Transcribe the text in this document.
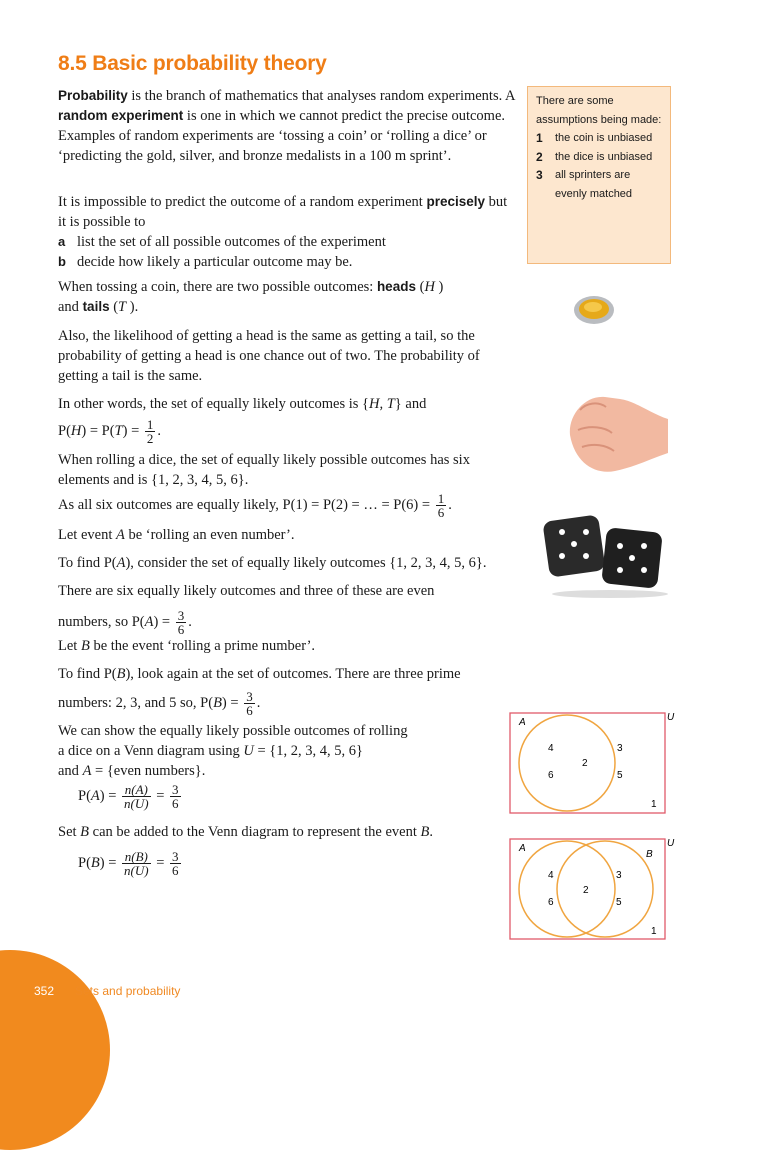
8.5 Basic probability theory

Probability is the branch of mathematics that analyses random experiments. A random experiment is one in which we cannot predict the precise outcome. Examples of random experiments are ‘tossing a coin’ or ‘rolling a dice’ or ‘predicting the gold, silver, and bronze medalists in a 100 m sprint’.

It is impossible to predict the outcome of a random experiment precisely but it is possible to

a list the set of all possible outcomes of the experiment
b decide how likely a particular outcome may be.

When tossing a coin, there are two possible outcomes: heads (H )
and tails (T ).

Also, the likelihood of getting a head is the same as getting a tail, so the probability of getting a head is one chance out of two. The probability of getting a tail is the same.

In other words, the set of equally likely outcomes is {H, T} and

$P(H) = P(T) = \frac{1}{2}$ .

When rolling a dice, the set of equally likely possible outcomes has six elements and is {1, 2, 3, 4, 5, 6}.
As all six outcomes are equally likely, P(1) = P(2) = … = $P(6) = \frac{1}{6}$ .
Let event A be ‘rolling an even number’.
To find P(A), consider the set of equally likely outcomes {1, 2, 3, 4, 5, 6}.

There are six equally likely outcomes and three of these are even

numbers, so $P(A) = \frac{3}{6}$ .

Let B be the event ‘rolling a prime number’.

To find P(B), look again at the set of outcomes. There are three prime

numbers: 2, 3, and 5 so, $P(B) = \frac{3}{6}$ .

We can show the equally likely possible outcomes of rolling

a dice on a Venn diagram using U = {1, 2, 3, 4, 5, 6}

and A = {even numbers}.

$P(A) = \frac{n(A)}{n(U)} = \frac{3}{6}$
Set B can be added to the Venn diagram to represent the event B.
$P(B) = \frac{n(B)}{n(U)} = \frac{3}{6}$
There are some assumptions being made:
1 the coin is unbiased
2 the dice is unbiased
3 all sprinters are evenly matched
U
A
4
6
2
3
5
1
U
A
B
4
6
2
3
5
1
352 Sets and probability
